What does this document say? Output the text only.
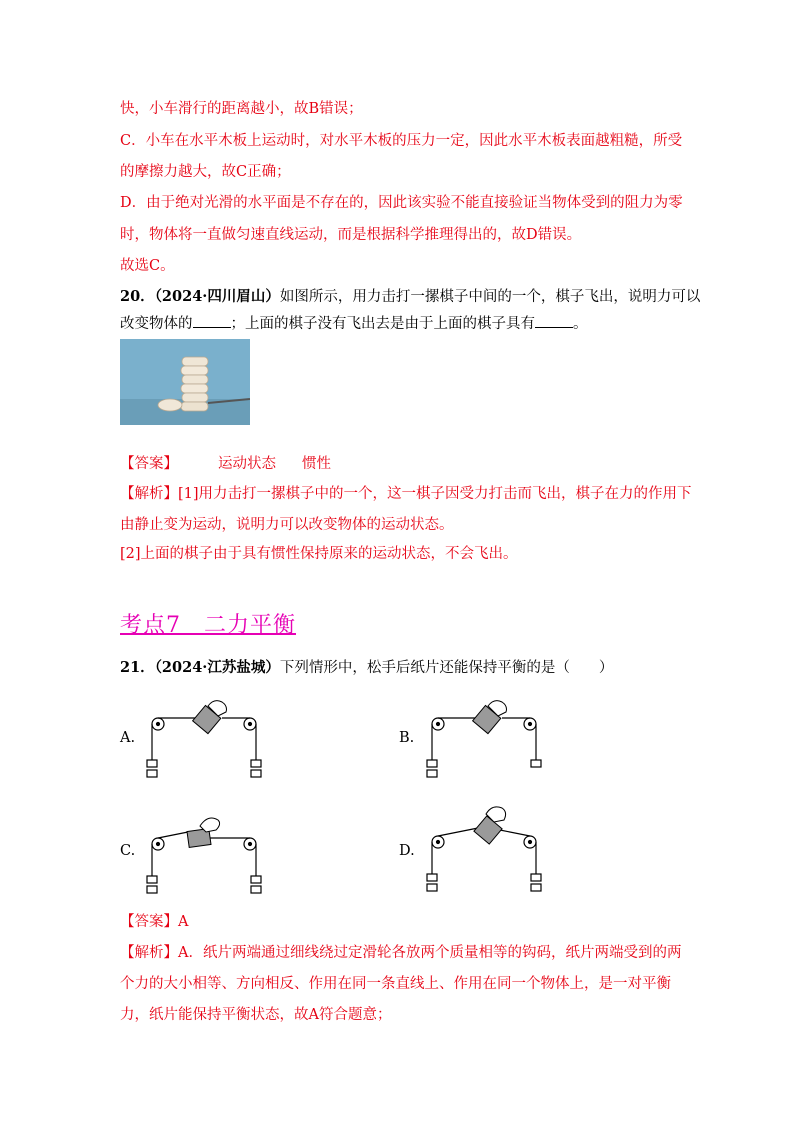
快，小车滑行的距离越小，故B错误；
C．小车在水平木板上运动时，对水平木板的压力一定，因此水平木板表面越粗糙，所受
的摩擦力越大，故C正确；
D．由于绝对光滑的水平面是不存在的，因此该实验不能直接验证当物体受到的阻力为零
时，物体将一直做匀速直线运动，而是根据科学推理得出的，故D错误。
故选C。
20．（2024·四川眉山）如图所示，用力击打一摞棋子中间的一个，棋子飞出，说明力可以
改变物体的	；上面的棋子没有飞出去是由于上面的棋子具有	。
【答案】	运动状态 惯性
【解析】[1]用力击打一摞棋子中的一个，这一棋子因受力打击而飞出，棋子在力的作用下
由静止变为运动，说明力可以改变物体的运动状态。
[2]上面的棋子由于具有惯性保持原来的运动状态，不会飞出。
考点7　二力平衡
21．（2024·江苏盐城）下列情形中，松手后纸片还能保持平衡的是（　　）
A.	B.
C.	D.
【答案】A
【解析】A．纸片两端通过细线绕过定滑轮各放两个质量相等的钩码，纸片两端受到的两
个力的大小相等、方向相反、作用在同一条直线上、作用在同一个物体上，是一对平衡
力，纸片能保持平衡状态，故A符合题意；
